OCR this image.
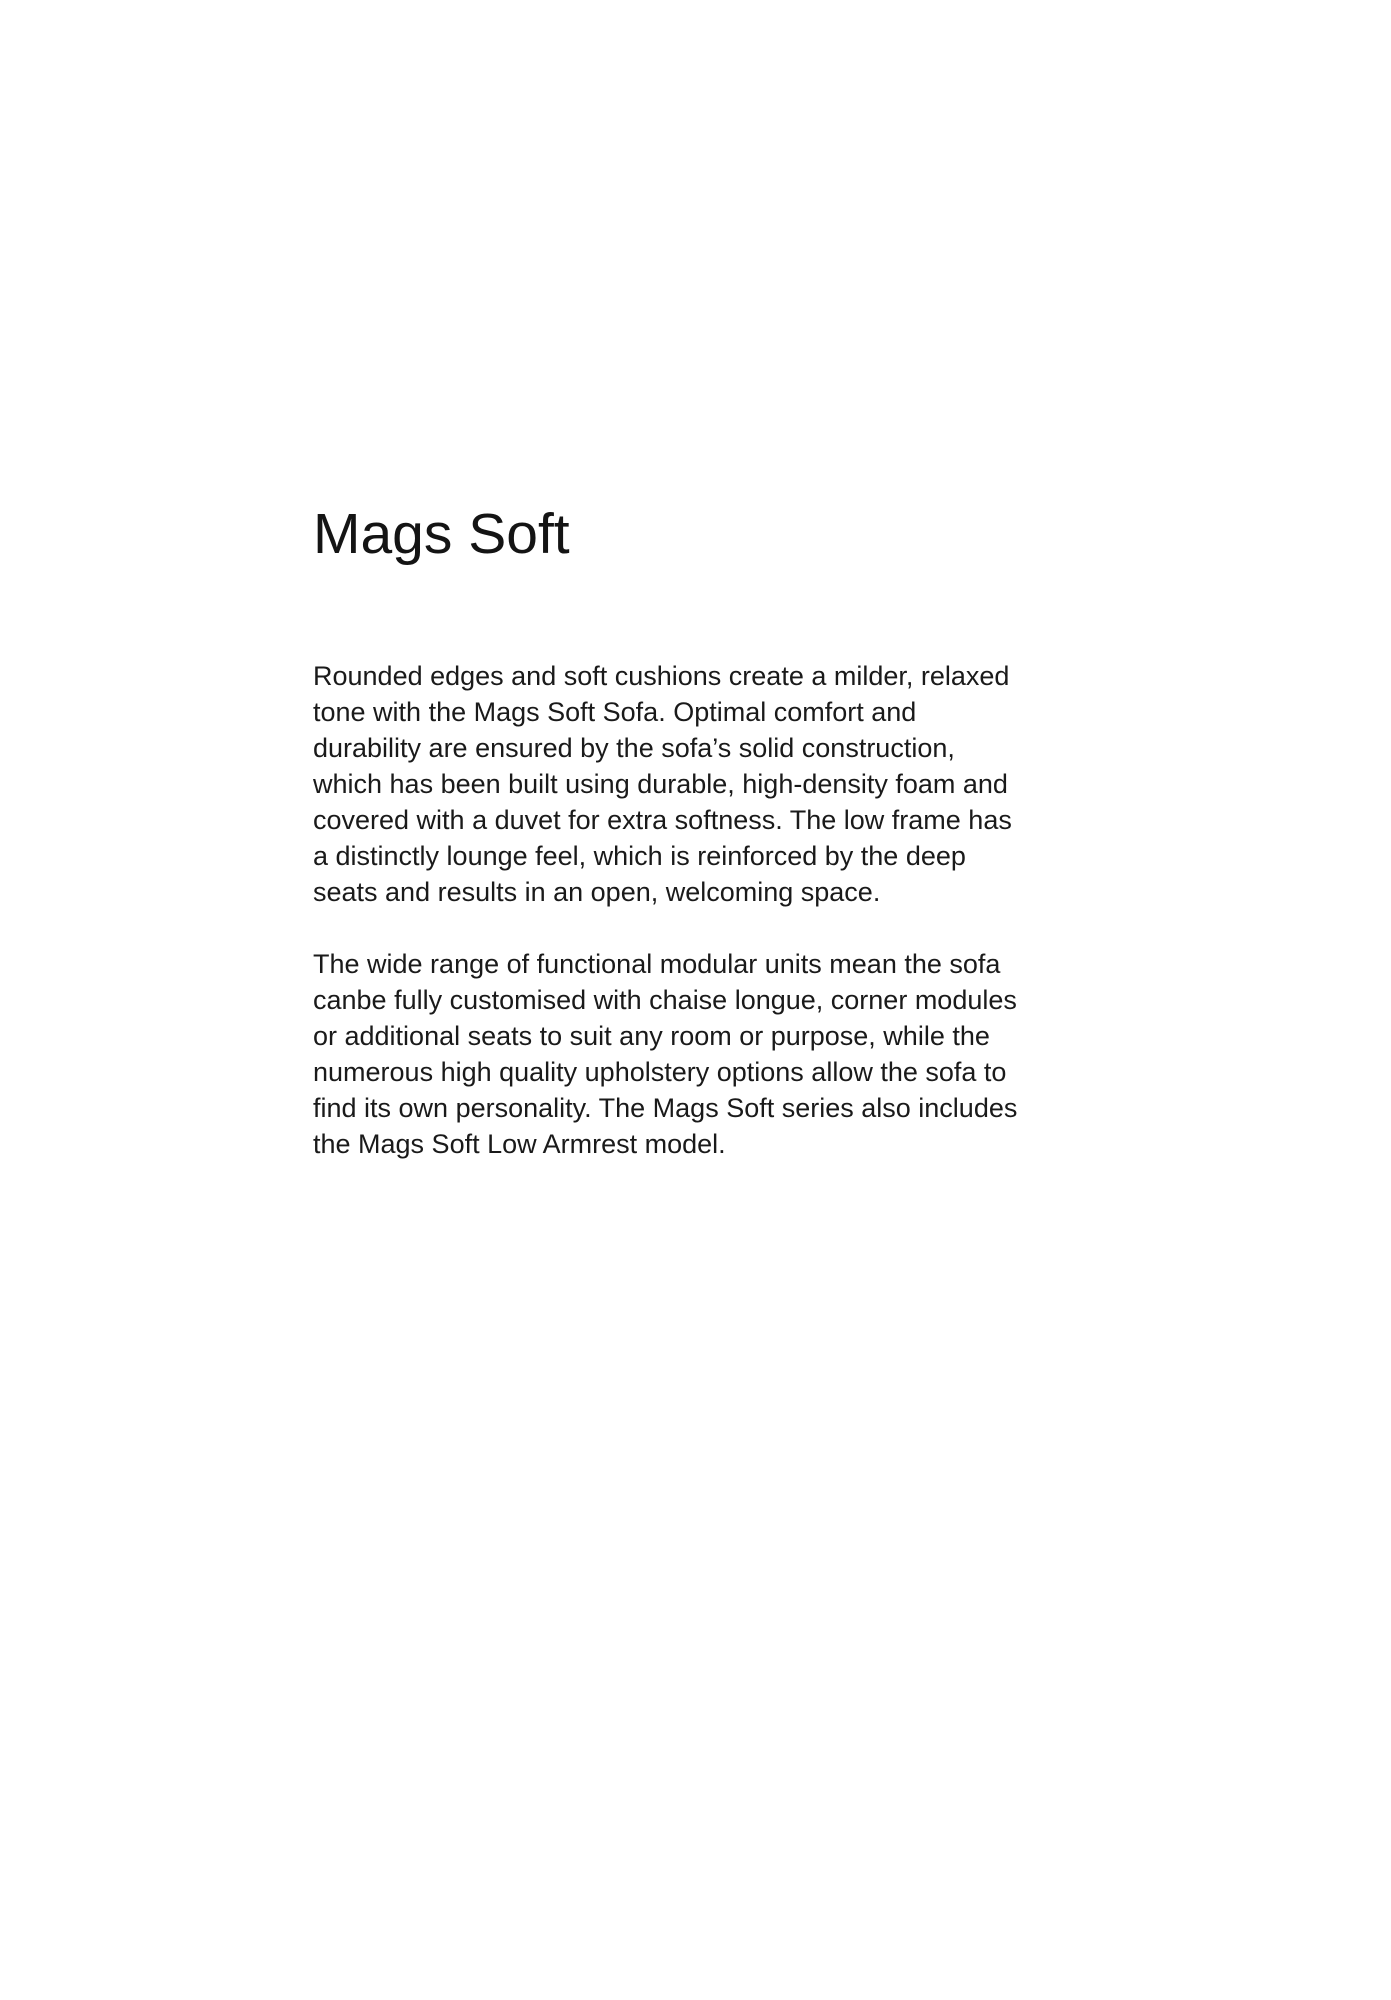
Mags Soft

Rounded edges and soft cushions create a milder, relaxed
tone with the Mags Soft Sofa. Optimal comfort and
durability are ensured by the sofa’s solid construction,
which has been built using durable, high-density foam and
covered with a duvet for extra softness. The low frame has
a distinctly lounge feel, which is reinforced by the deep
seats and results in an open, welcoming space.

The wide range of functional modular units mean the sofa
canbe fully customised with chaise longue, corner modules
or additional seats to suit any room or purpose, while the
numerous high quality upholstery options allow the sofa to
find its own personality. The Mags Soft series also includes
the Mags Soft Low Armrest model.
